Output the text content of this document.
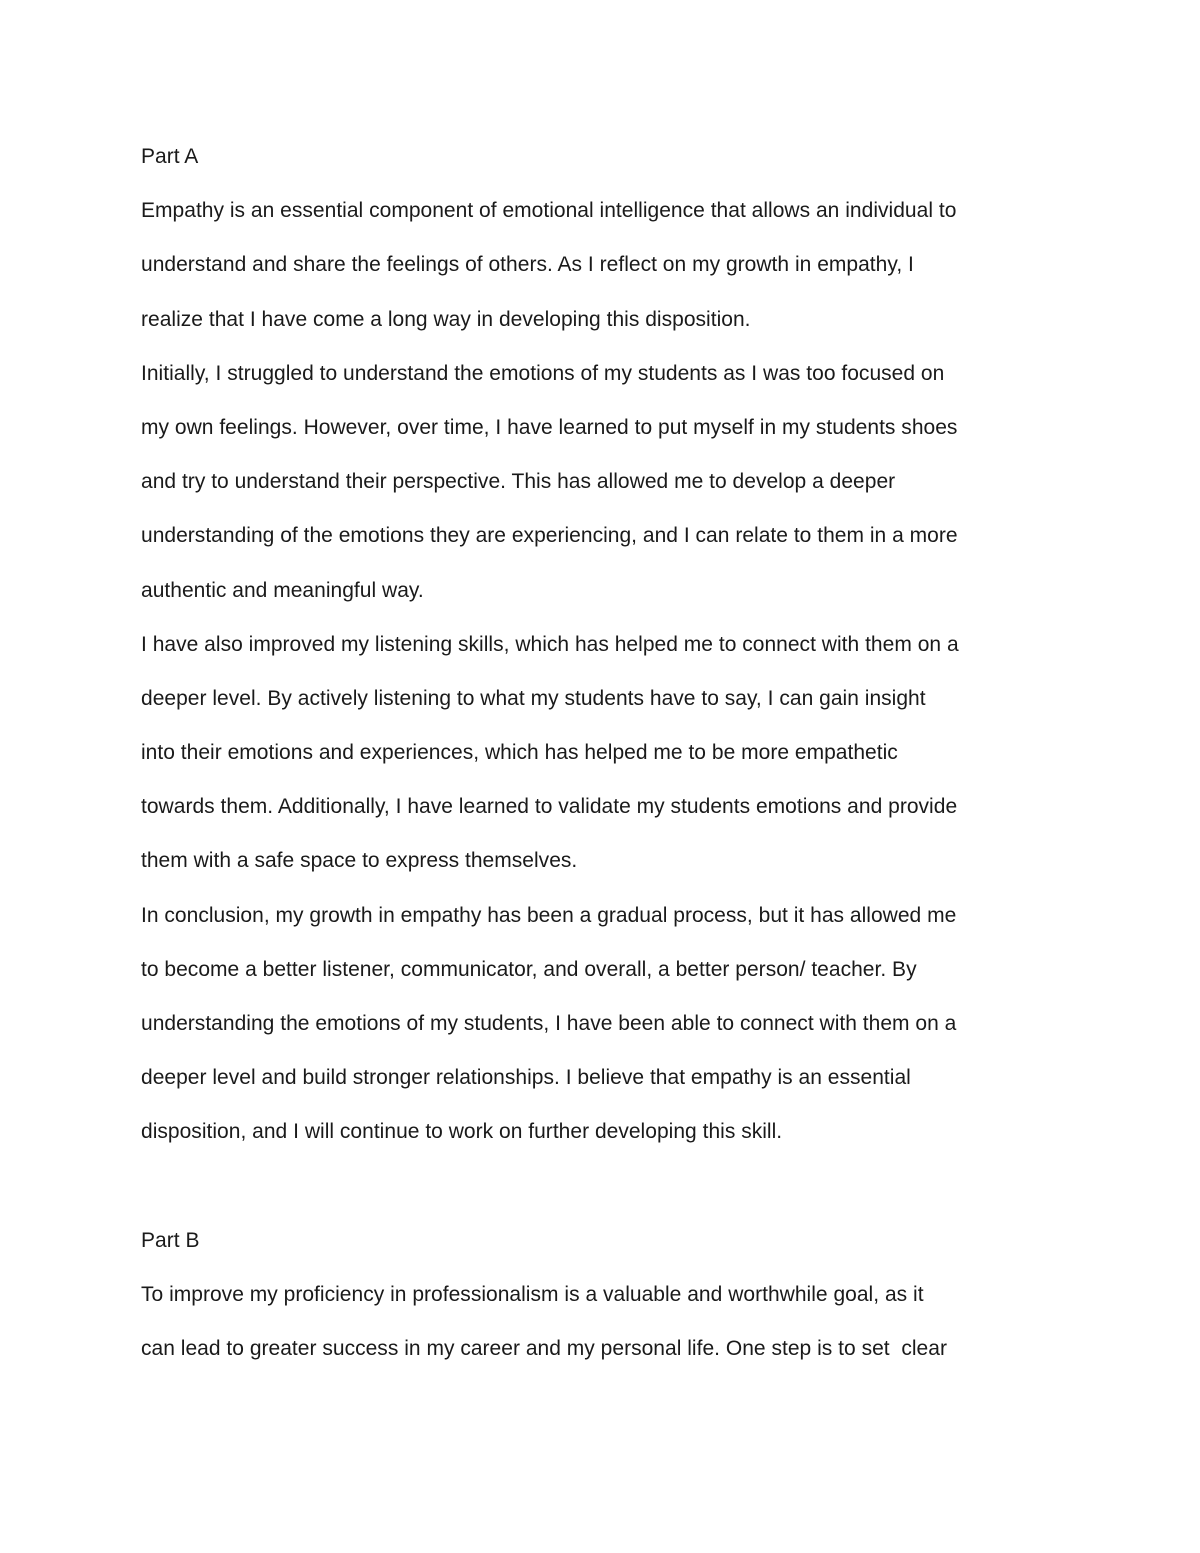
Part A
Empathy is an essential component of emotional intelligence that allows an individual to
understand and share the feelings of others. As I reflect on my growth in empathy, I
realize that I have come a long way in developing this disposition.
Initially, I struggled to understand the emotions of my students as I was too focused on
my own feelings. However, over time, I have learned to put myself in my students shoes
and try to understand their perspective. This has allowed me to develop a deeper
understanding of the emotions they are experiencing, and I can relate to them in a more
authentic and meaningful way.
I have also improved my listening skills, which has helped me to connect with them on a
deeper level. By actively listening to what my students have to say, I can gain insight
into their emotions and experiences, which has helped me to be more empathetic
towards them. Additionally, I have learned to validate my students emotions and provide
them with a safe space to express themselves.
In conclusion, my growth in empathy has been a gradual process, but it has allowed me
to become a better listener, communicator, and overall, a better person/ teacher. By
understanding the emotions of my students, I have been able to connect with them on a
deeper level and build stronger relationships. I believe that empathy is an essential
disposition, and I will continue to work on further developing this skill.
Part B
To improve my proficiency in professionalism is a valuable and worthwhile goal, as it
can lead to greater success in my career and my personal life. One step is to set  clear
